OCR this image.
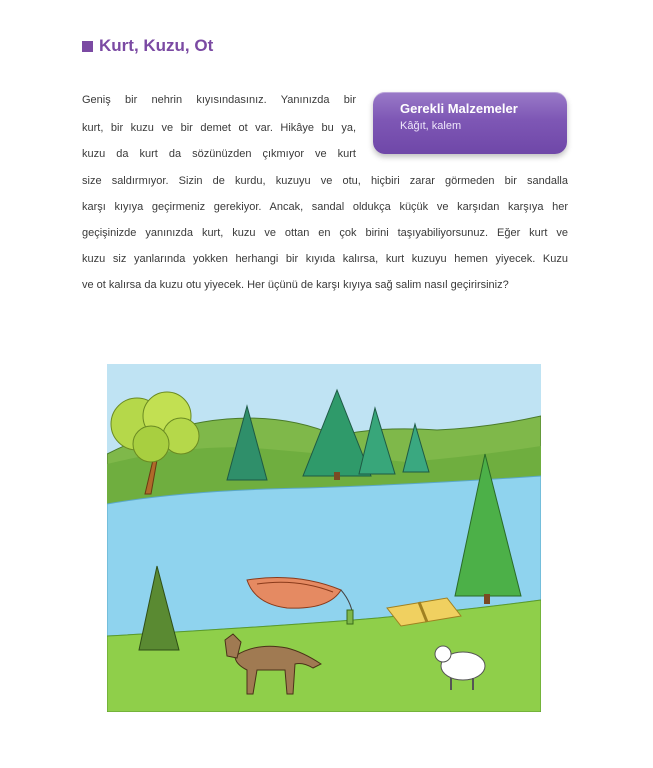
Kurt, Kuzu, Ot
Gerekli Malzemeler
Kâğıt, kalem

Geniş bir nehrin kıyısındasınız. Yanınızda bir

kurt, bir kuzu ve bir demet ot var. Hikâye bu ya,

kuzu da kurt da sözünüzden çıkmıyor ve kurt

size saldırmıyor. Sizin de kurdu, kuzuyu ve otu, hiçbiri zarar görmeden bir sandalla

karşı kıyıya geçirmeniz gerekiyor. Ancak, sandal oldukça küçük ve karşıdan karşıya her

geçişinizde yanınızda kurt, kuzu ve ottan en çok birini taşıyabiliyorsunuz. Eğer kurt ve

kuzu siz yanlarında yokken herhangi bir kıyıda kalırsa, kurt kuzuyu hemen yiyecek. Kuzu

ve ot kalırsa da kuzu otu yiyecek. Her üçünü de karşı kıyıya sağ salim nasıl geçirirsiniz?
